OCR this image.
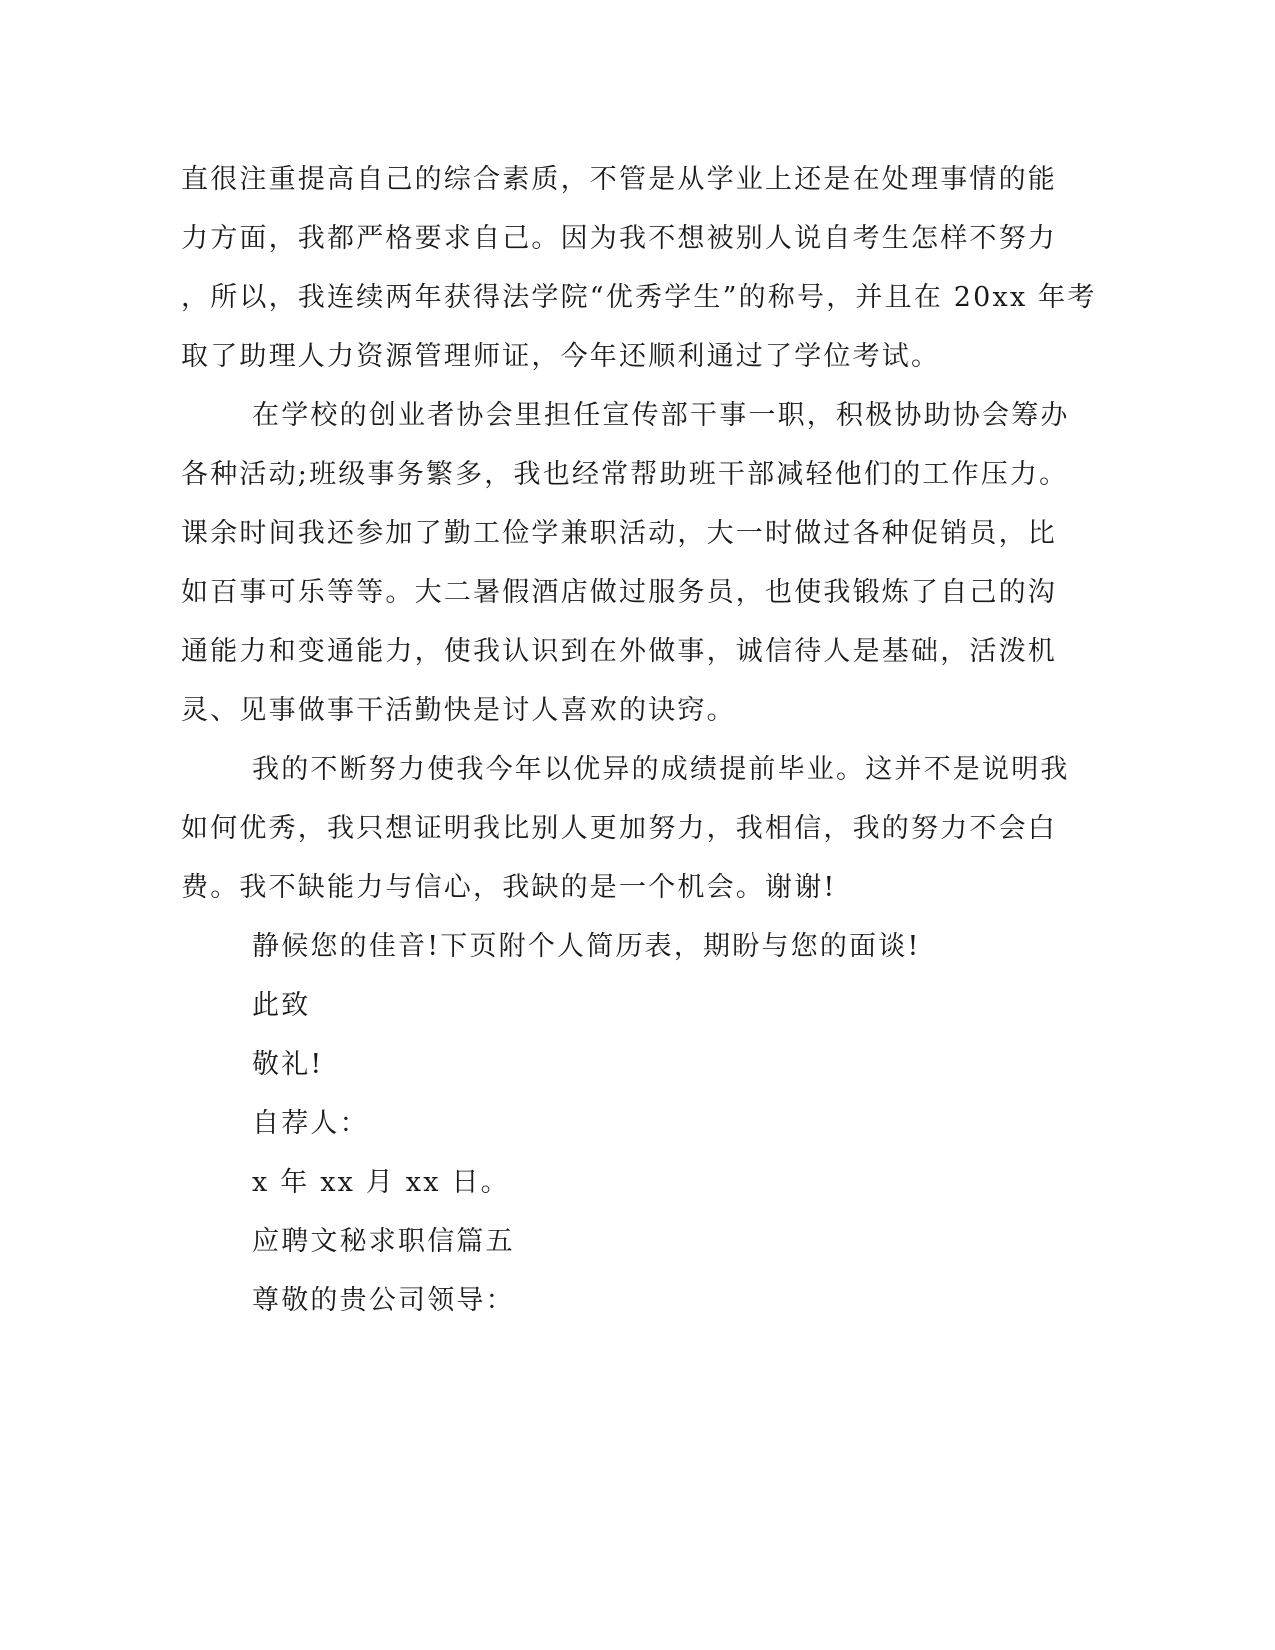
直很注重提高自己的综合素质，不管是从学业上还是在处理事情的能
力方面，我都严格要求自己。因为我不想被别人说自考生怎样不努力
，所以，我连续两年获得法学院“优秀学生”的称号，并且在 20xx 年考
取了助理人力资源管理师证，今年还顺利通过了学位考试。
在学校的创业者协会里担任宣传部干事一职，积极协助协会筹办
各种活动;班级事务繁多，我也经常帮助班干部减轻他们的工作压力。
课余时间我还参加了勤工俭学兼职活动，大一时做过各种促销员，比
如百事可乐等等。大二暑假酒店做过服务员，也使我锻炼了自己的沟
通能力和变通能力，使我认识到在外做事，诚信待人是基础，活泼机
灵、见事做事干活勤快是讨人喜欢的诀窍。
我的不断努力使我今年以优异的成绩提前毕业。这并不是说明我
如何优秀，我只想证明我比别人更加努力，我相信，我的努力不会白
费。我不缺能力与信心，我缺的是一个机会。谢谢!
静候您的佳音!下页附个人简历表，期盼与您的面谈!
此致
敬礼!
自荐人：
x 年 xx 月 xx 日。
应聘文秘求职信篇五
尊敬的贵公司领导：
